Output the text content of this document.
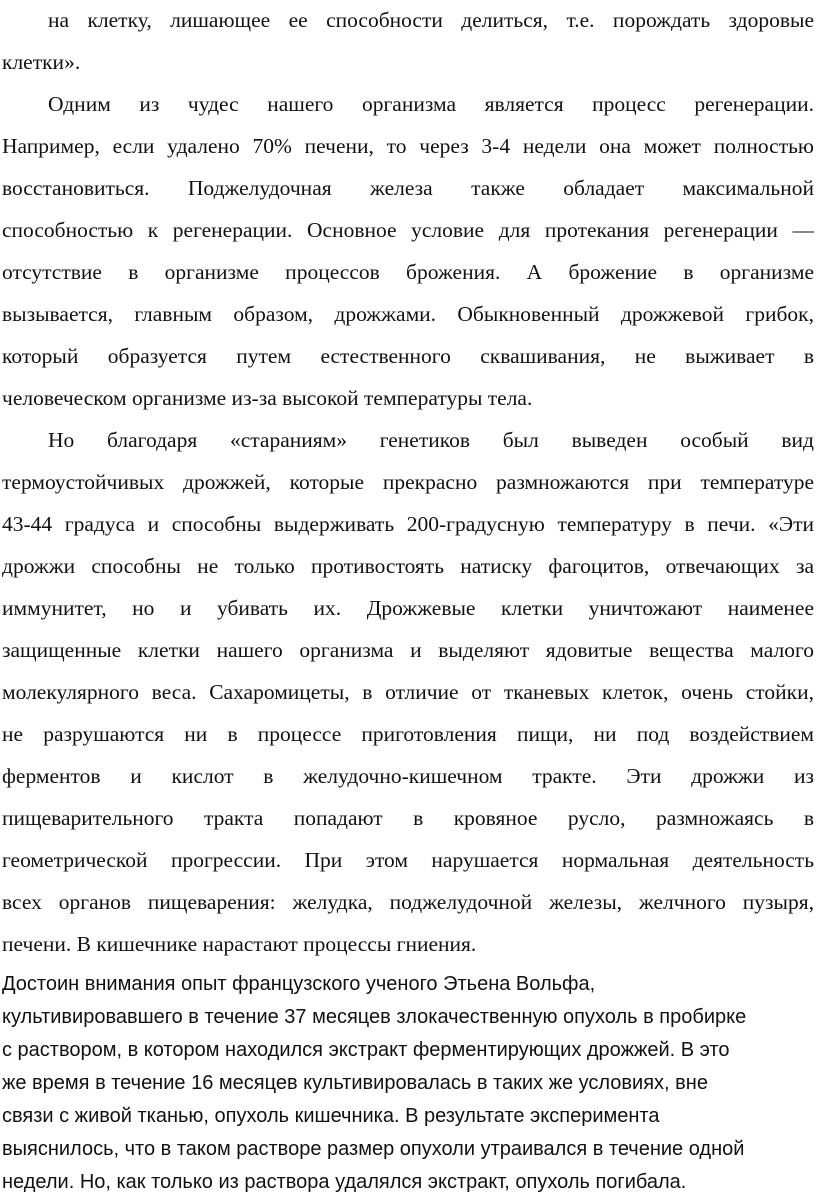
на клетку, лишающее ее способности делиться, т.е. порождать здоровые
клетки».
Одним из чудес нашего организма является процесс регенерации.
Например, если удалено 70% печени, то через 3-4 недели она может полностью
восстановиться. Поджелудочная железа также обладает максимальной
способностью к регенерации. Основное условие для протекания регенерации —
отсутствие в организме процессов брожения. А брожение в организме
вызывается, главным образом, дрожжами. Обыкновенный дрожжевой грибок,
который образуется путем естественного сквашивания, не выживает в
человеческом организме из-за высокой температуры тела.
Но благодаря «стараниям» генетиков был выведен особый вид
термоустойчивых дрожжей, которые прекрасно размножаются при температуре
43-44 градуса и способны выдерживать 200-градусную температуру в печи. «Эти
дрожжи способны не только противостоять натиску фагоцитов, отвечающих за
иммунитет, но и убивать их. Дрожжевые клетки уничтожают наименее
защищенные клетки нашего организма и выделяют ядовитые вещества малого
молекулярного веса. Сахаромицеты, в отличие от тканевых клеток, очень стойки,
не разрушаются ни в процессе приготовления пищи, ни под воздействием
ферментов и кислот в желудочно-кишечном тракте. Эти дрожжи из
пищеварительного тракта попадают в кровяное русло, размножаясь в
геометрической прогрессии. При этом нарушается нормальная деятельность
всех органов пищеварения: желудка, поджелудочной железы, желчного пузыря,
печени. В кишечнике нарастают процессы гниения.
Достоин внимания опыт французского ученого Этьена Вольфа,
культивировавшего в течение 37 месяцев злокачественную опухоль в пробирке
с раствором, в котором находился экстракт ферментирующих дрожжей. В это
же время в течение 16 месяцев культивировалась в таких же условиях, вне
связи с живой тканью, опухоль кишечника. В результате эксперимента
выяснилось, что в таком растворе размер опухоли утраивался в течение одной
недели. Но, как только из раствора удалялся экстракт, опухоль погибала.
